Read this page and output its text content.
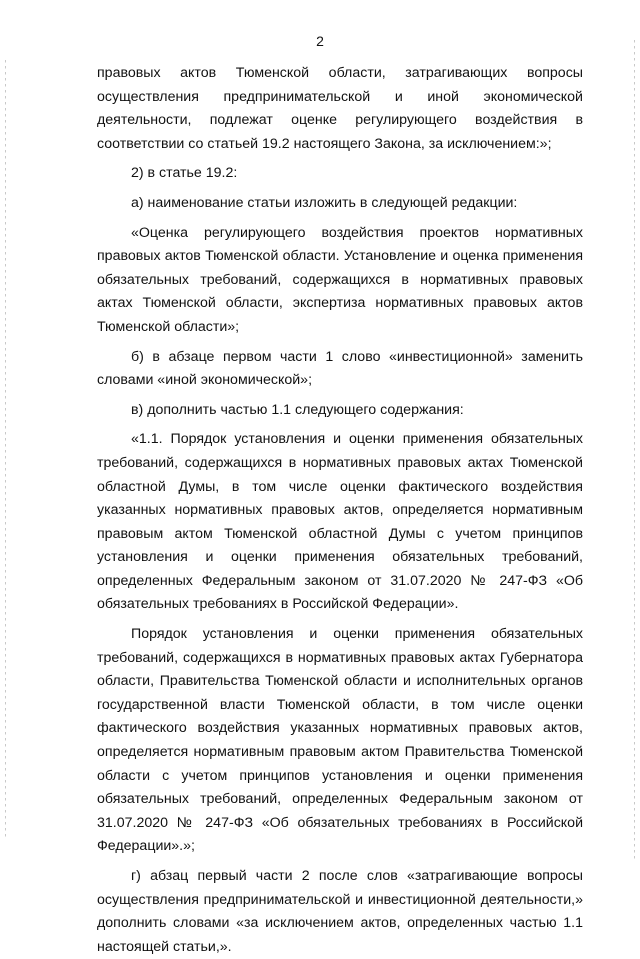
2

правовых актов Тюменской области, затрагивающих вопросы осуществления предпринимательской и иной экономической деятельности, подлежат оценке регулирующего воздействия в соответствии со статьей 19.2 настоящего Закона, за исключением:»;

2) в статье 19.2:

а) наименование статьи изложить в следующей редакции:

«Оценка регулирующего воздействия проектов нормативных правовых актов Тюменской области. Установление и оценка применения обязательных требований, содержащихся в нормативных правовых актах Тюменской области, экспертиза нормативных правовых актов Тюменской области»;

б) в абзаце первом части 1 слово «инвестиционной» заменить словами «иной экономической»;

в) дополнить частью 1.1 следующего содержания:

«1.1. Порядок установления и оценки применения обязательных требований, содержащихся в нормативных правовых актах Тюменской областной Думы, в том числе оценки фактического воздействия указанных нормативных правовых актов, определяется нормативным правовым актом Тюменской областной Думы с учетом принципов установления и оценки применения обязательных требований, определенных Федеральным законом от 31.07.2020 № 247-ФЗ «Об обязательных требованиях в Российской Федерации».

Порядок установления и оценки применения обязательных требований, содержащихся в нормативных правовых актах Губернатора области, Правительства Тюменской области и исполнительных органов государственной власти Тюменской области, в том числе оценки фактического воздействия указанных нормативных правовых актов, определяется нормативным правовым актом Правительства Тюменской области с учетом принципов установления и оценки применения обязательных требований, определенных Федеральным законом от 31.07.2020 № 247-ФЗ «Об обязательных требованиях в Российской Федерации».»;

г) абзац первый части 2 после слов «затрагивающие вопросы осуществления предпринимательской и инвестиционной деятельности,» дополнить словами «за исключением актов, определенных частью 1.1 настоящей статьи,».
